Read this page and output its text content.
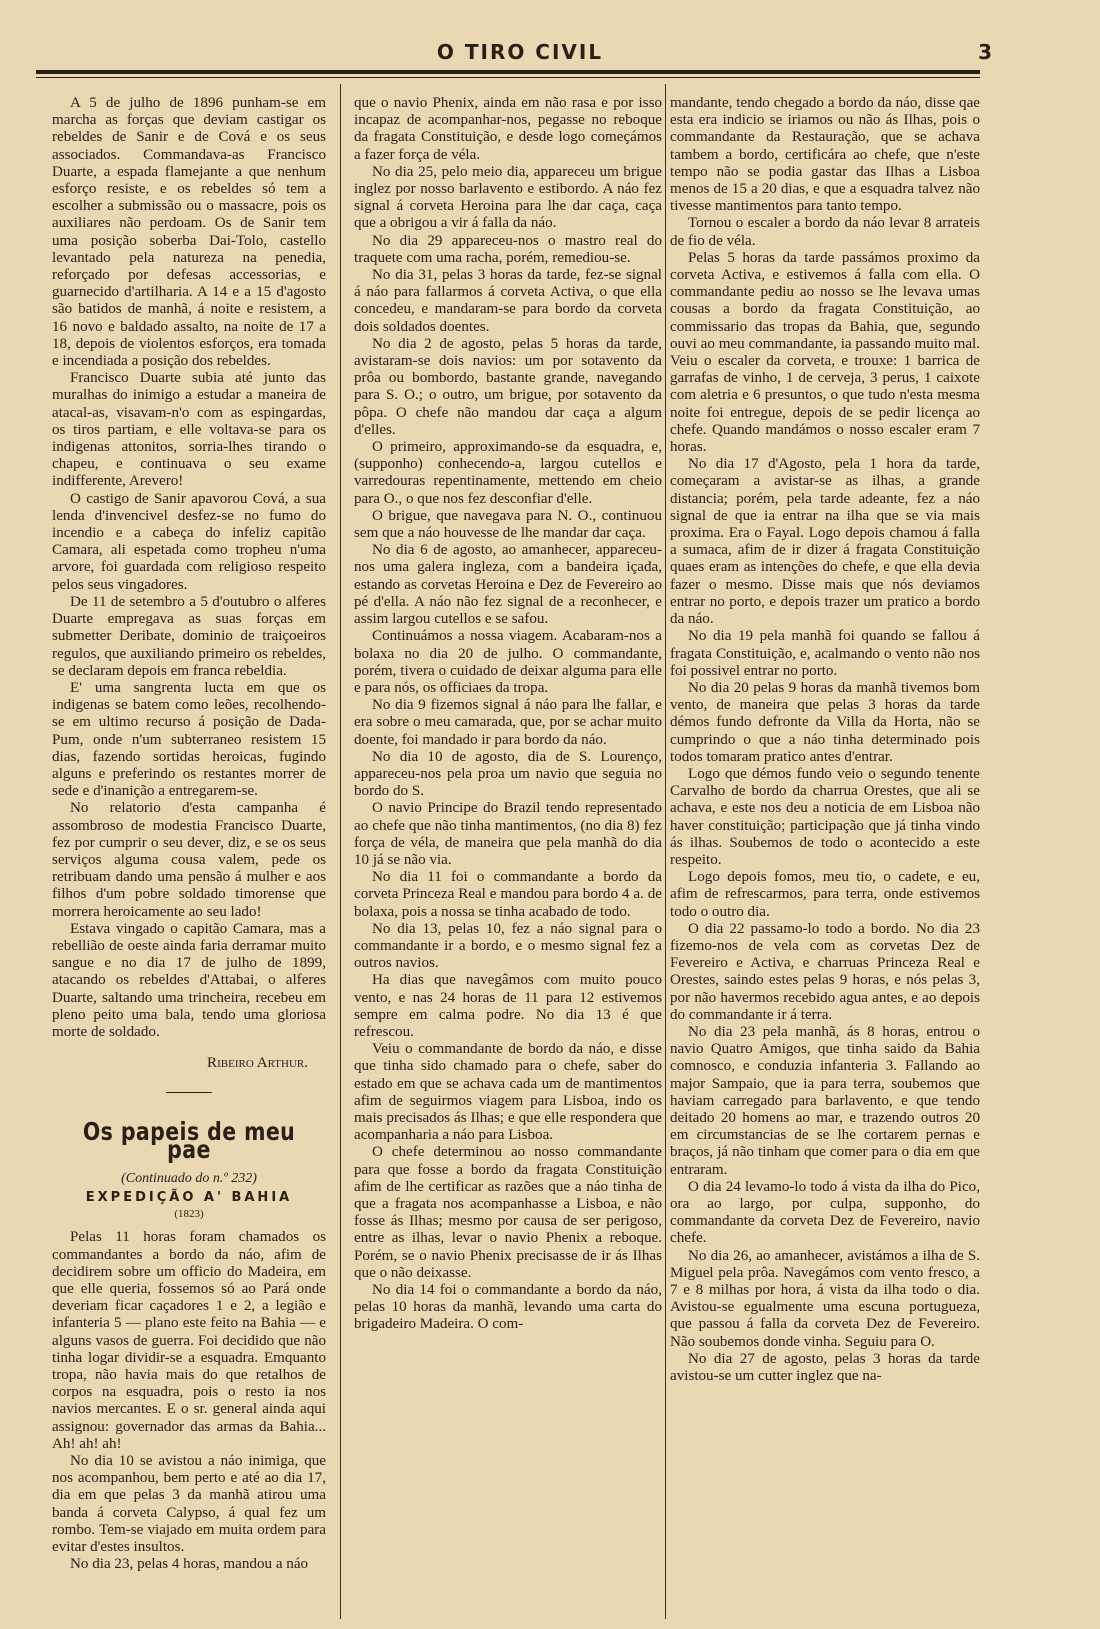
O TIRO CIVIL	3

A 5 de julho de 1896 punham-se em marcha as forças que deviam castigar os rebeldes de Sanir e de Cová e os seus associados. Commandava-as Francisco Duarte, a espada flamejante a que nenhum esforço resiste, e os rebeldes só tem a escolher a submissão ou o massacre, pois os auxiliares não perdoam. Os de Sanir tem uma posição soberba Dai-Tolo, castello levantado pela natureza na penedia, reforçado por defesas accessorias, e guarnecido d'artilharia. A 14 e a 15 d'agosto são batidos de manhã, á noite e resistem, a 16 novo e baldado assalto, na noite de 17 a 18, depois de violentos esforços, era tomada e incendiada a posição dos rebeldes.

Francisco Duarte subia até junto das muralhas do inimigo a estudar a maneira de atacal-as, visavam-n'o com as espingardas, os tiros partiam, e elle voltava-se para os indigenas attonitos, sorria-lhes tirando o chapeu, e continuava o seu exame indifferente, Arevero!

O castigo de Sanir apavorou Cová, a sua lenda d'invencivel desfez-se no fumo do incendio e a cabeça do infeliz capitão Camara, ali espetada como tropheu n'uma arvore, foi guardada com religioso respeito pelos seus vingadores.

De 11 de setembro a 5 d'outubro o alferes Duarte empregava as suas forças em submetter Deribate, dominio de traiçoeiros regulos, que auxiliando primeiro os rebeldes, se declaram depois em franca rebeldia.

E' uma sangrenta lucta em que os indigenas se batem como leões, recolhendo-se em ultimo recurso á posição de Dada-Pum, onde n'um subterraneo resistem 15 dias, fazendo sortidas heroicas, fugindo alguns e preferindo os restantes morrer de sede e d'inanição a entregarem-se.

No relatorio d'esta campanha é assombroso de modestia Francisco Duarte, fez por cumprir o seu dever, diz, e se os seus serviços alguma cousa valem, pede os retribuam dando uma pensão á mulher e aos filhos d'um pobre soldado timorense que morrera heroicamente ao seu lado!

Estava vingado o capitão Camara, mas a rebellião de oeste ainda faria derramar muito sangue e no dia 17 de julho de 1899, atacando os rebeldes d'Attabai, o alferes Duarte, saltando uma trincheira, recebeu em pleno peito uma bala, tendo uma gloriosa morte de soldado.

Ribeiro Arthur.
Os papeis de meu pae
(Continuado do n.º 232)
EXPEDIÇÃO A' BAHIA
(1823)

Pelas 11 horas foram chamados os commandantes a bordo da náo, afim de decidirem sobre um officio do Madeira, em que elle queria, fossemos só ao Pará onde deveriam ficar caçadores 1 e 2, a legião e infanteria 5 — plano este feito na Bahia — e alguns vasos de guerra. Foi decidido que não tinha logar dividir-se a esquadra. Emquanto tropa, não havia mais do que retalhos de corpos na esquadra, pois o resto ia nos navios mercantes. E o sr. general ainda aqui assignou: governador das armas da Bahia... Ah! ah! ah!

No dia 10 se avistou a náo inimiga, que nos acompanhou, bem perto e até ao dia 17, dia em que pelas 3 da manhã atirou uma banda á corveta Calypso, á qual fez um rombo. Tem-se viajado em muita ordem para evitar d'estes insultos.

No dia 23, pelas 4 horas, mandou a náo

que o navio Phenix, ainda em não rasa e por isso incapaz de acompanhar-nos, pegasse no reboque da fragata Constituição, e desde logo começámos a fazer força de véla.

No dia 25, pelo meio dia, appareceu um brigue inglez por nosso barlavento e estibordo. A náo fez signal á corveta Heroina para lhe dar caça, caça que a obrigou a vir á falla da náo.

No dia 29 appareceu-nos o mastro real do traquete com uma racha, porém, remediou-se.

No dia 31, pelas 3 horas da tarde, fez-se signal á náo para fallarmos á corveta Activa, o que ella concedeu, e mandaram-se para bordo da corveta dois soldados doentes.

No dia 2 de agosto, pelas 5 horas da tarde, avistaram-se dois navios: um por sotavento da prôa ou bombordo, bastante grande, navegando para S. O.; o outro, um brigue, por sotavento da pôpa. O chefe não mandou dar caça a algum d'elles.

O primeiro, approximando-se da esquadra, e, (supponho) conhecendo-a, largou cutellos e varredouras repentinamente, mettendo em cheio para O., o que nos fez desconfiar d'elle.

O brigue, que navegava para N. O., continuou sem que a náo houvesse de lhe mandar dar caça.

No dia 6 de agosto, ao amanhecer, appareceu-nos uma galera ingleza, com a bandeira içada, estando as corvetas Heroina e Dez de Fevereiro ao pé d'ella. A náo não fez signal de a reconhecer, e assim largou cutellos e se safou.

Continuámos a nossa viagem. Acabaram-nos a bolaxa no dia 20 de julho. O commandante, porém, tivera o cuidado de deixar alguma para elle e para nós, os officiaes da tropa.

No dia 9 fizemos signal á náo para lhe fallar, e era sobre o meu camarada, que, por se achar muito doente, foi mandado ir para bordo da náo.

No dia 10 de agosto, dia de S. Lourenço, appareceu-nos pela proa um navio que seguia no bordo do S.

O navio Principe do Brazil tendo representado ao chefe que não tinha mantimentos, (no dia 8) fez força de véla, de maneira que pela manhã do dia 10 já se não via.

No dia 11 foi o commandante a bordo da corveta Princeza Real e mandou para bordo 4 a. de bolaxa, pois a nossa se tinha acabado de todo.

No dia 13, pelas 10, fez a náo signal para o commandante ir a bordo, e o mesmo signal fez a outros navios.

Ha dias que navegâmos com muito pouco vento, e nas 24 horas de 11 para 12 estivemos sempre em calma podre. No dia 13 é que refrescou.

Veiu o commandante de bordo da náo, e disse que tinha sido chamado para o chefe, saber do estado em que se achava cada um de mantimentos afim de seguirmos viagem para Lisboa, indo os mais precisados ás Ilhas; e que elle respondera que acompanharia a náo para Lisboa.

O chefe determinou ao nosso commandante para que fosse a bordo da fragata Constituição afim de lhe certificar as razões que a náo tinha de que a fragata nos acompanhasse a Lisboa, e não fosse ás Ilhas; mesmo por causa de ser perigoso, entre as ilhas, levar o navio Phenix a reboque. Porém, se o navio Phenix precisasse de ir ás Ilhas que o não deixasse.

No dia 14 foi o commandante a bordo da náo, pelas 10 horas da manhã, levando uma carta do brigadeiro Madeira. O com-

mandante, tendo chegado a bordo da náo, disse qae esta era indicio se iriamos ou não ás Ilhas, pois o commandante da Restauração, que se achava tambem a bordo, certificára ao chefe, que n'este tempo não se podia gastar das Ilhas a Lisboa menos de 15 a 20 dias, e que a esquadra talvez não tivesse mantimentos para tanto tempo.

Tornou o escaler a bordo da náo levar 8 arrateis de fio de véla.

Pelas 5 horas da tarde passámos proximo da corveta Activa, e estivemos á falla com ella. O commandante pediu ao nosso se lhe levava umas cousas a bordo da fragata Constituição, ao commissario das tropas da Bahia, que, segundo ouvi ao meu commandante, ia passando muito mal. Veiu o escaler da corveta, e trouxe: 1 barrica de garrafas de vinho, 1 de cerveja, 3 perus, 1 caixote com aletria e 6 presuntos, o que tudo n'esta mesma noite foi entregue, depois de se pedir licença ao chefe. Quando mandámos o nosso escaler eram 7 horas.

No dia 17 d'Agosto, pela 1 hora da tarde, começaram a avistar-se as ilhas, a grande distancia; porém, pela tarde adeante, fez a náo signal de que ia entrar na ilha que se via mais proxima. Era o Fayal. Logo depois chamou á falla a sumaca, afim de ir dizer á fragata Constituição quaes eram as intenções do chefe, e que ella devia fazer o mesmo. Disse mais que nós deviamos entrar no porto, e depois trazer um pratico a bordo da náo.

No dia 19 pela manhã foi quando se fallou á fragata Constituição, e, acalmando o vento não nos foi possivel entrar no porto.

No dia 20 pelas 9 horas da manhã tivemos bom vento, de maneira que pelas 3 horas da tarde démos fundo defronte da Villa da Horta, não se cumprindo o que a náo tinha determinado pois todos tomaram pratico antes d'entrar.

Logo que démos fundo veio o segundo tenente Carvalho de bordo da charrua Orestes, que ali se achava, e este nos deu a noticia de em Lisboa não haver constituição; participação que já tinha vindo ás ilhas. Soubemos de todo o acontecido a este respeito.

Logo depois fomos, meu tio, o cadete, e eu, afim de refrescarmos, para terra, onde estivemos todo o outro dia.

O dia 22 passamo-lo todo a bordo. No dia 23 fizemo-nos de vela com as corvetas Dez de Fevereiro e Activa, e charruas Princeza Real e Orestes, saindo estes pelas 9 horas, e nós pelas 3, por não havermos recebido agua antes, e ao depois do commandante ir á terra.

No dia 23 pela manhã, ás 8 horas, entrou o navio Quatro Amigos, que tinha saido da Bahia comnosco, e conduzia infanteria 3. Fallando ao major Sampaio, que ia para terra, soubemos que haviam carregado para barlavento, e que tendo deitado 20 homens ao mar, e trazendo outros 20 em circumstancias de se lhe cortarem pernas e braços, já não tinham que comer para o dia em que entraram.

O dia 24 levamo-lo todo á vista da ilha do Pico, ora ao largo, por culpa, supponho, do commandante da corveta Dez de Fevereiro, navio chefe.

No dia 26, ao amanhecer, avistámos a ilha de S. Miguel pela prôa. Navegámos com vento fresco, a 7 e 8 milhas por hora, á vista da ilha todo o dia. Avistou-se egualmente uma escuna portugueza, que passou á falla da corveta Dez de Fevereiro. Não soubemos donde vinha. Seguiu para O.

No dia 27 de agosto, pelas 3 horas da tarde avistou-se um cutter inglez que na-
